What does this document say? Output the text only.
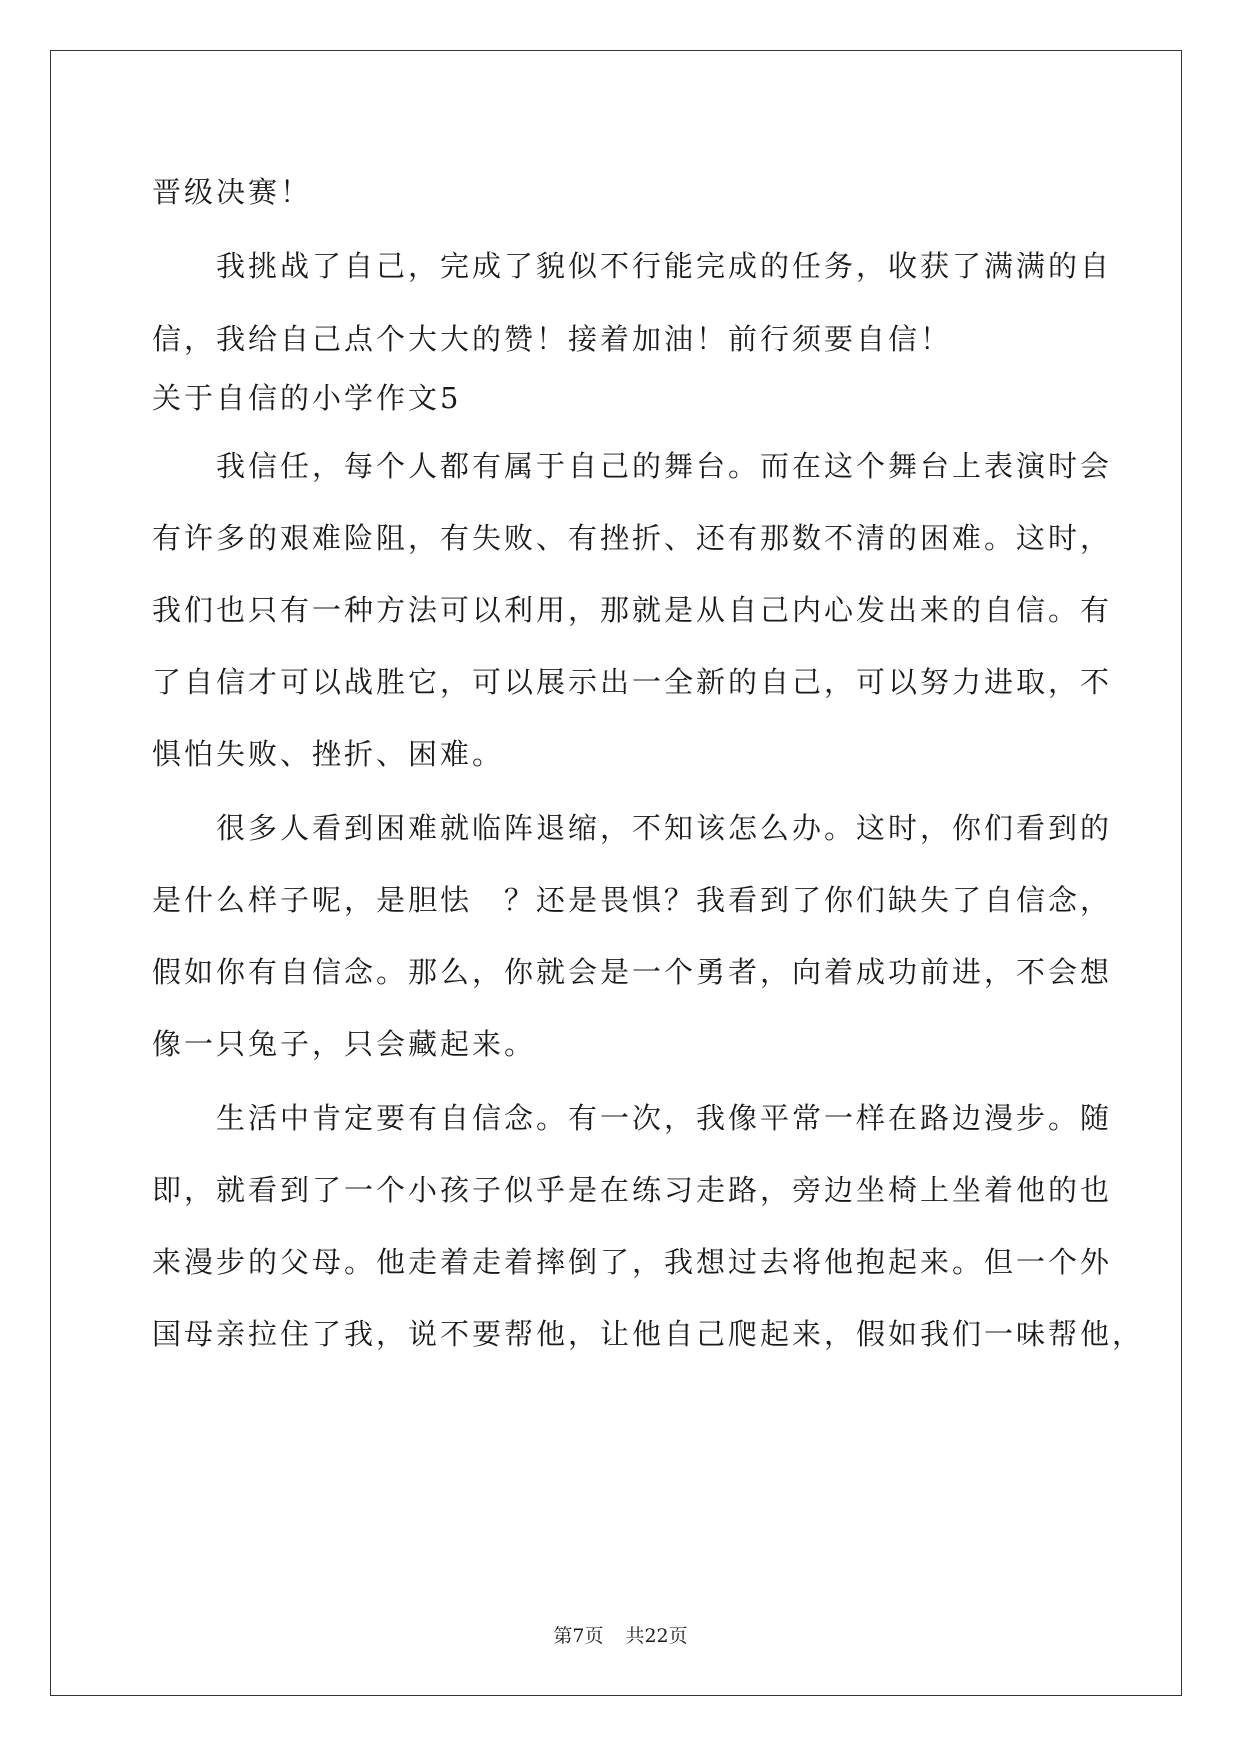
晋级决赛！
我挑战了自己，完成了貌似不行能完成的任务，收获了满满的自
信，我给自己点个大大的赞！接着加油！前行须要自信！
关于自信的小学作文5
我信任，每个人都有属于自己的舞台。而在这个舞台上表演时会
有许多的艰难险阻，有失败、有挫折、还有那数不清的困难。这时，
我们也只有一种方法可以利用，那就是从自己内心发出来的自信。有
了自信才可以战胜它，可以展示出一全新的自己，可以努力进取，不
惧怕失败、挫折、困难。
很多人看到困难就临阵退缩，不知该怎么办。这时，你们看到的
是什么样子呢，是胆怯　？还是畏惧？我看到了你们缺失了自信念，
假如你有自信念。那么，你就会是一个勇者，向着成功前进，不会想
像一只兔子，只会藏起来。
生活中肯定要有自信念。有一次，我像平常一样在路边漫步。随
即，就看到了一个小孩子似乎是在练习走路，旁边坐椅上坐着他的也
来漫步的父母。他走着走着摔倒了，我想过去将他抱起来。但一个外
国母亲拉住了我，说不要帮他，让他自己爬起来，假如我们一味帮他，
第7页 共22页
